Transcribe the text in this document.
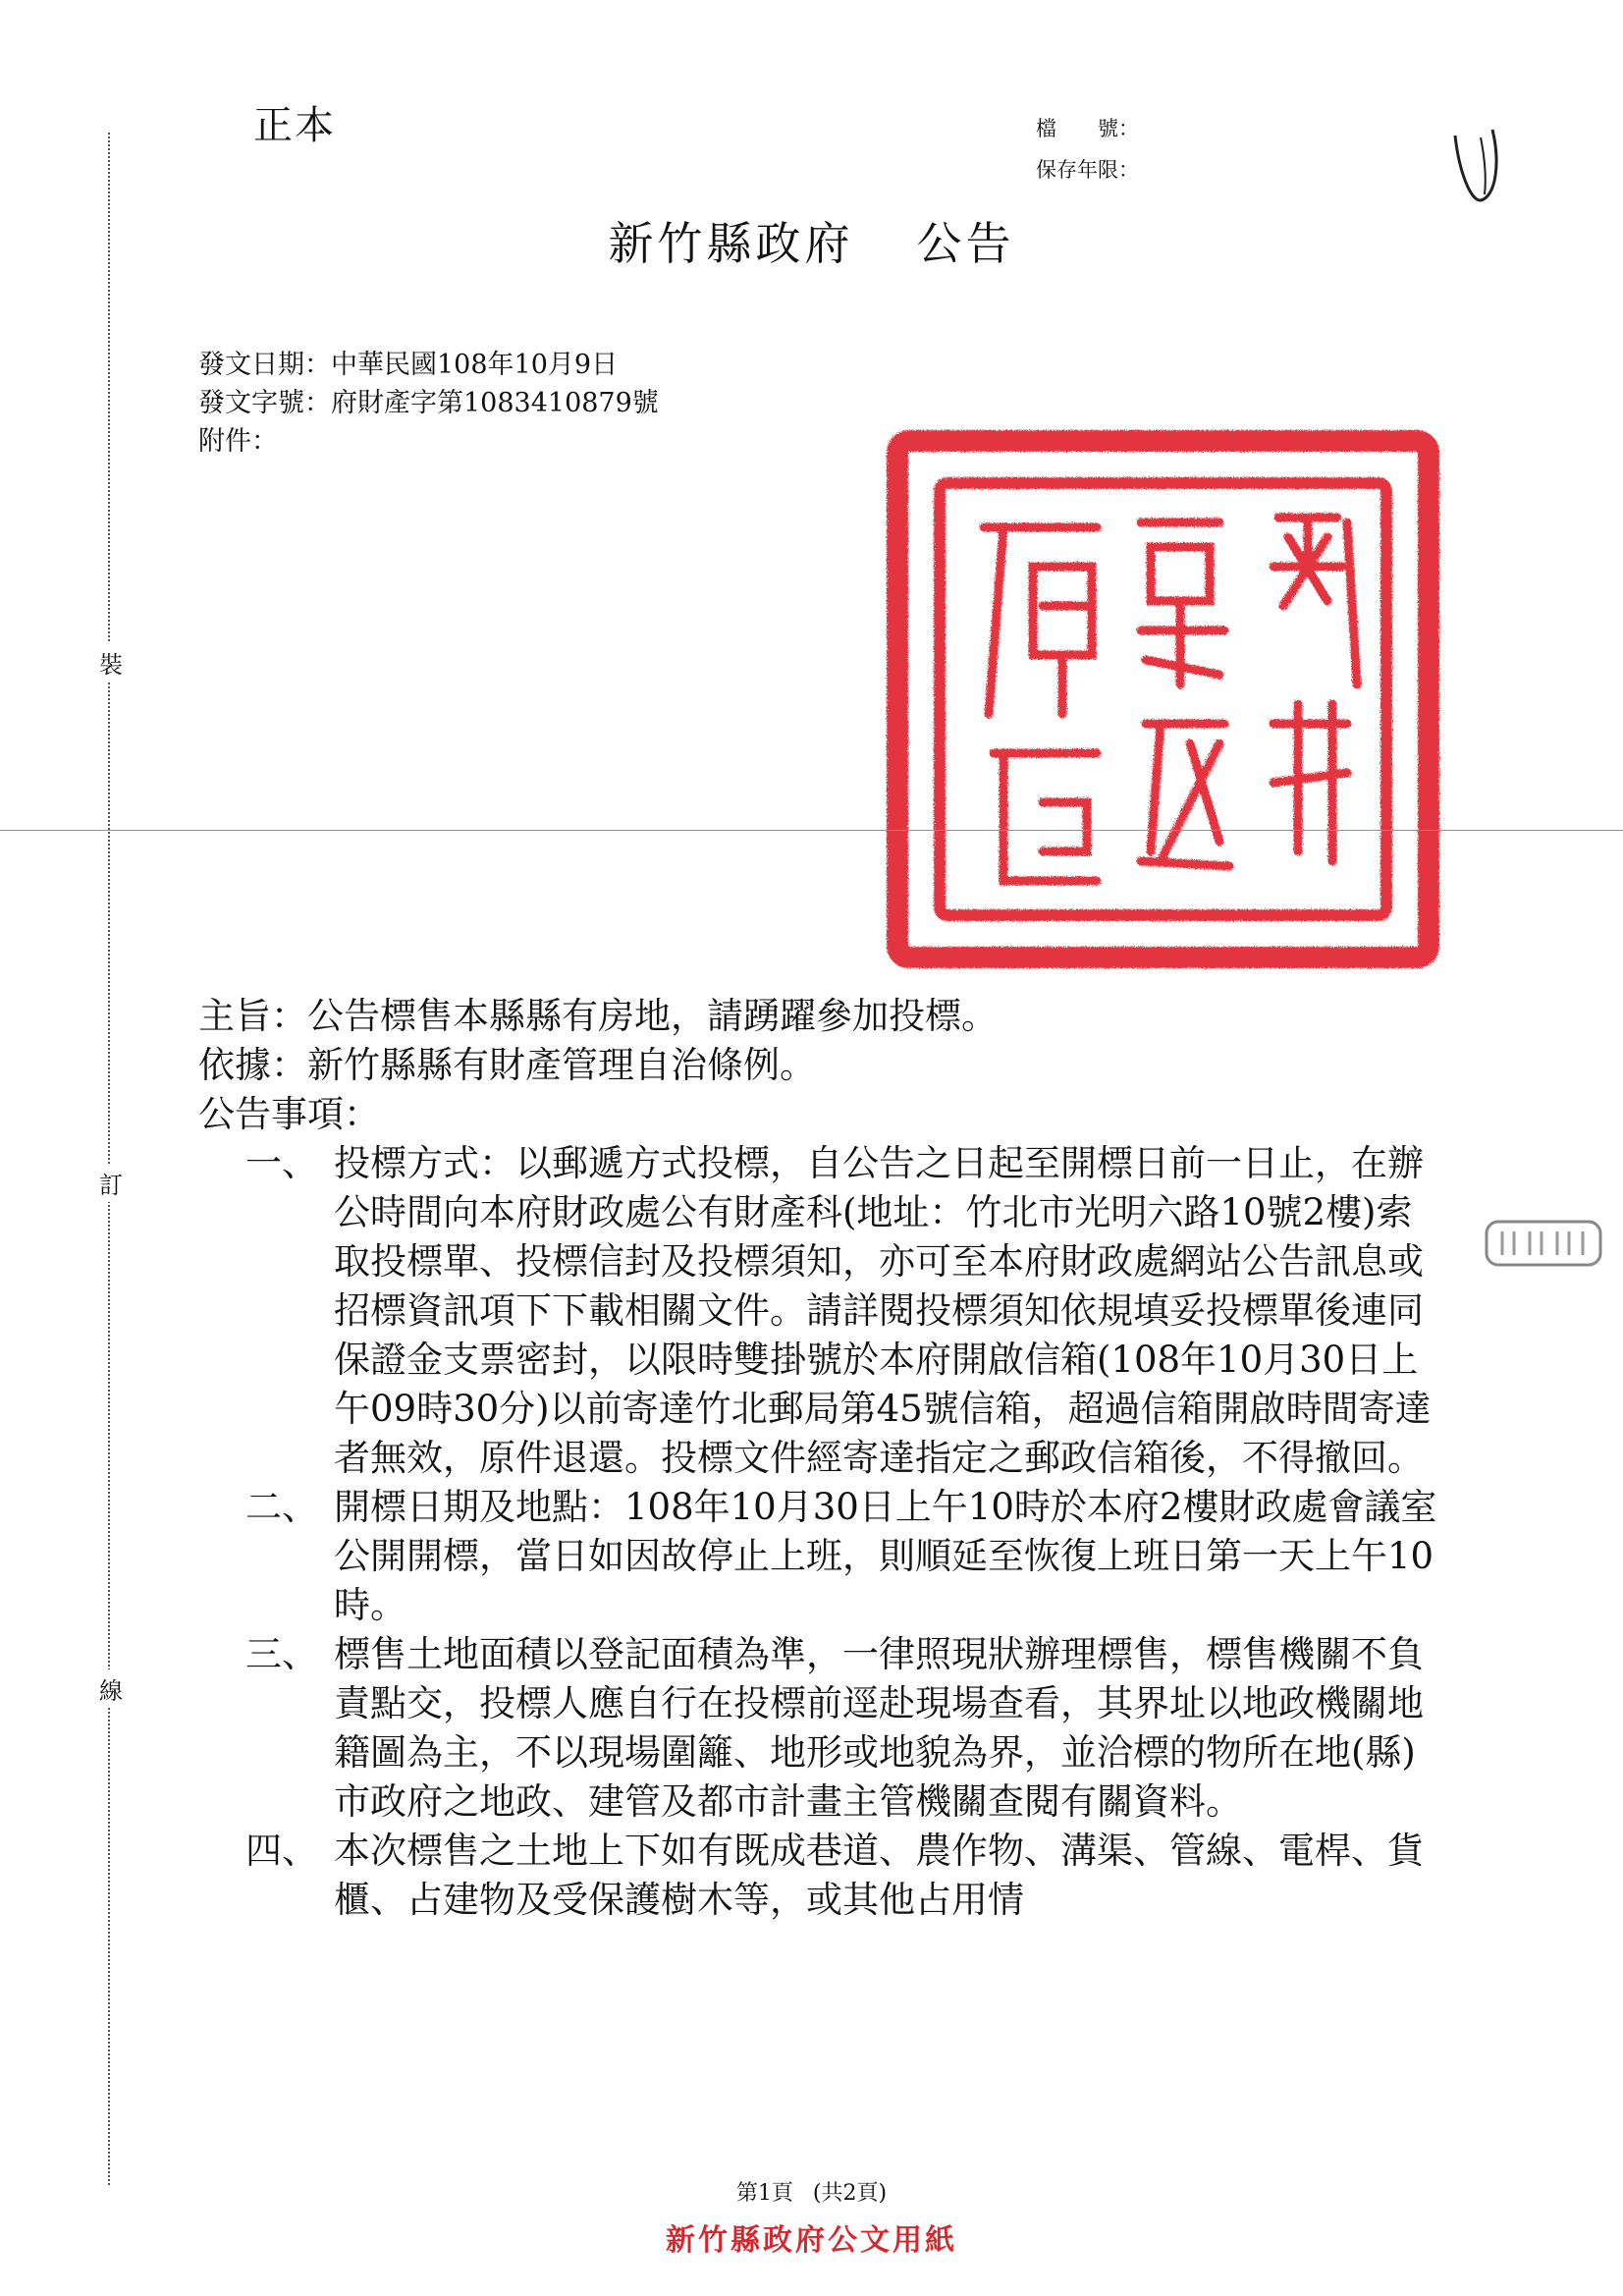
裝
訂
線
正本	檔　　號：
保存年限：
新竹縣政府 公告
發文日期：中華民國108年10月9日
發文字號：府財產字第1083410879號
附件：

主旨：公告標售本縣縣有房地，請踴躍參加投標。

依據：新竹縣縣有財產管理自治條例。

公告事項：

一、 投標方式：以郵遞方式投標，自公告之日起至開標日前一日止，在辦公時間向本府財政處公有財產科(地址：竹北市光明六路10號2樓)索取投標單、投標信封及投標須知，亦可至本府財政處網站公告訊息或招標資訊項下下載相關文件。請詳閱投標須知依規填妥投標單後連同保證金支票密封，以限時雙掛號於本府開啟信箱(108年10月30日上午09時30分)以前寄達竹北郵局第45號信箱，超過信箱開啟時間寄達者無效，原件退還。投標文件經寄達指定之郵政信箱後，不得撤回。
二、 開標日期及地點：108年10月30日上午10時於本府2樓財政處會議室公開開標，當日如因故停止上班，則順延至恢復上班日第一天上午10時。
三、 標售土地面積以登記面積為準，一律照現狀辦理標售，標售機關不負責點交，投標人應自行在投標前逕赴現場查看，其界址以地政機關地籍圖為主，不以現場圍籬、地形或地貌為界，並洽標的物所在地(縣)市政府之地政、建管及都市計畫主管機關查閱有關資料。
四、 本次標售之土地上下如有既成巷道、農作物、溝渠、管線、電桿、貨櫃、占建物及受保護樹木等，或其他占用情
第1頁 (共2頁)
新竹縣政府公文用紙
